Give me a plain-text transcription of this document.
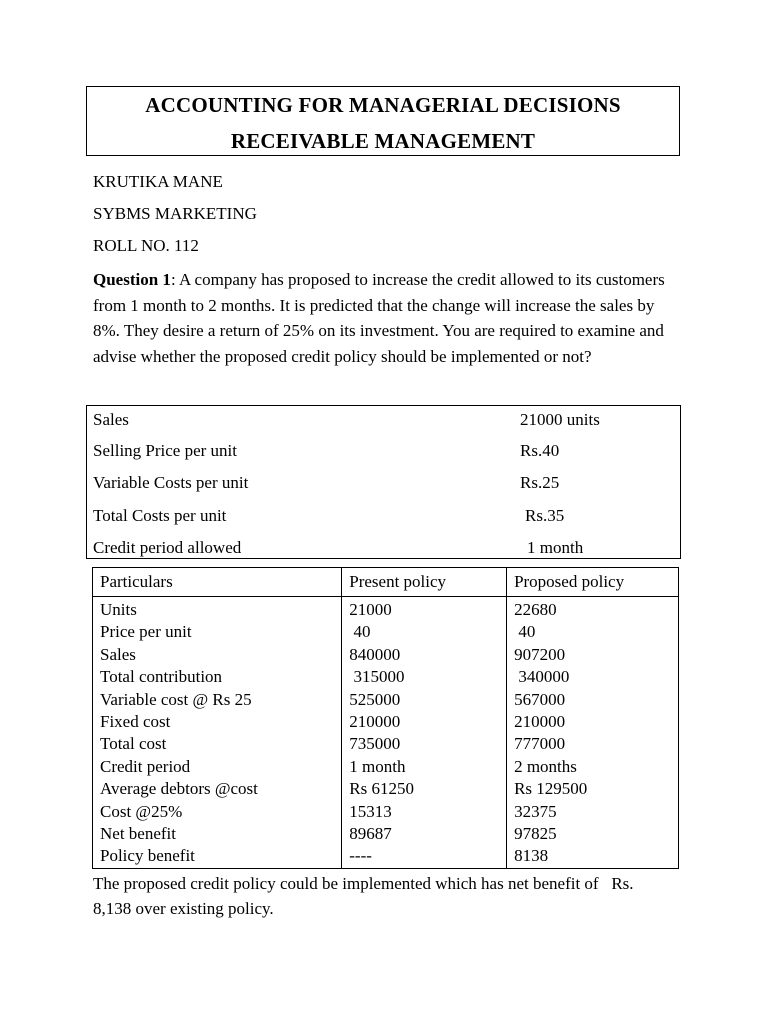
ACCOUNTING FOR MANAGERIAL DECISIONS
RECEIVABLE MANAGEMENT
KRUTIKA MANE
SYBMS MARKETING
ROLL NO. 112
Question 1: A company has proposed to increase the credit allowed to its customers from 1 month to 2 months. It is predicted that the change will increase the sales by 8%. They desire a return of 25% on its investment. You are required to examine and advise whether the proposed credit policy should be implemented or not?
Sales	21000 units
Selling Price per unit	Rs.40
Variable Costs per unit	Rs.25
Total Costs per unit	Rs.35
Credit period allowed	1 month
Particulars	Present policy	Proposed policy
Units	21000	22680
Price per unit	40	40
Sales	840000	907200
Total contribution	315000	340000
Variable cost @ Rs 25	525000	567000
Fixed cost	210000	210000
Total cost	735000	777000
Credit period	1 month	2 months
Average debtors @cost	Rs 61250	Rs 129500
Cost @25%	15313	32375
Net benefit	89687	97825
Policy benefit	----	8138
The proposed credit policy could be implemented which has net benefit of   Rs. 8,138 over existing policy.
